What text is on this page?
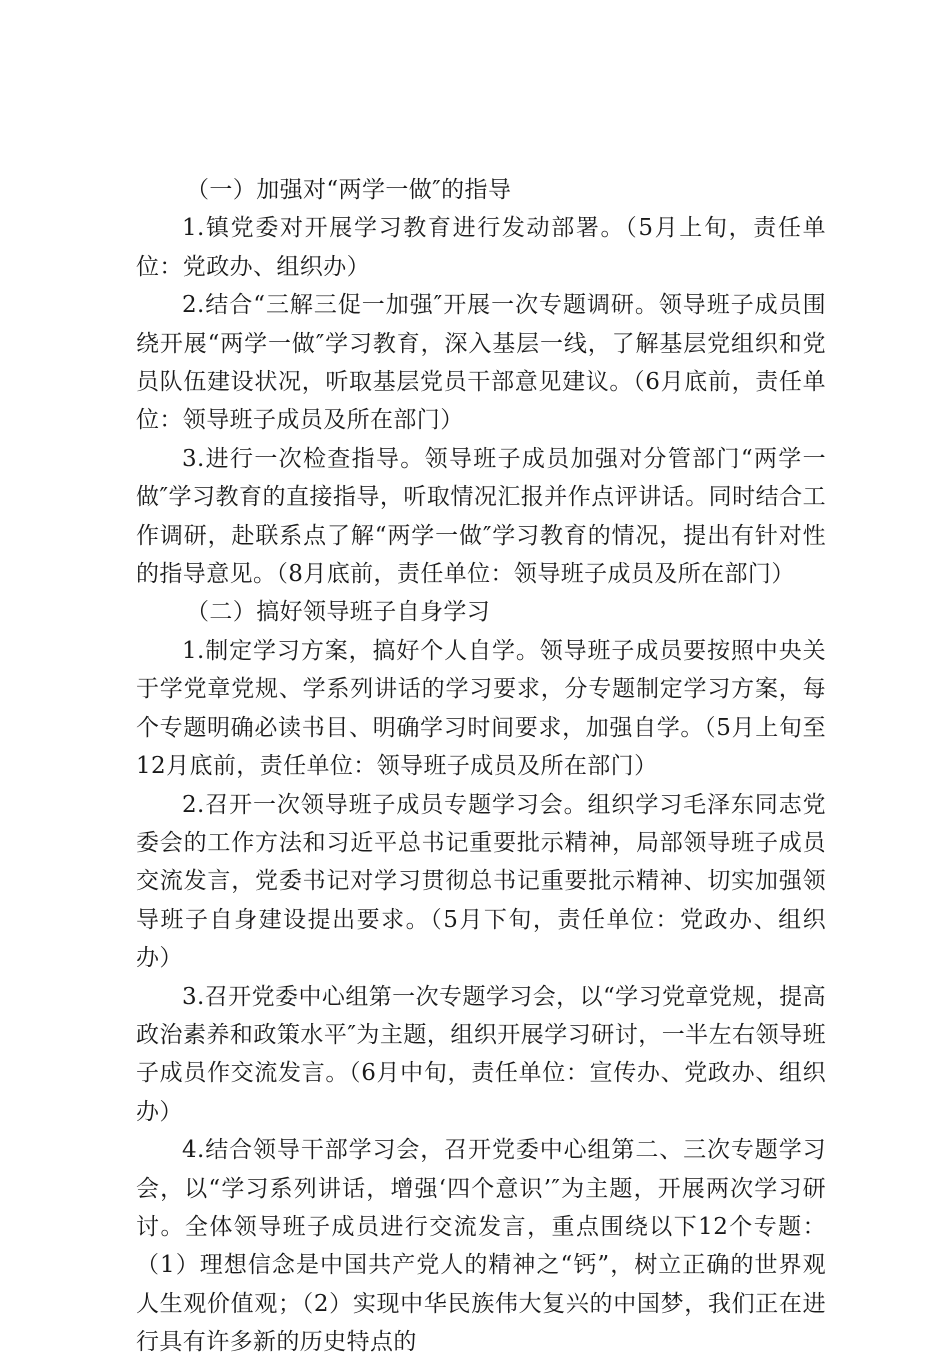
（一）加强对“两学一做″的指导

1.镇党委对开展学习教育进行发动部署。（5月上旬，责任单位：党政办、组织办）

2.结合“三解三促一加强″开展一次专题调研。领导班子成员围绕开展“两学一做″学习教育，深入基层一线，了解基层党组织和党员队伍建设状况，听取基层党员干部意见建议。（6月底前，责任单位：领导班子成员及所在部门）

3.进行一次检查指导。领导班子成员加强对分管部门“两学一做″学习教育的直接指导，听取情况汇报并作点评讲话。同时结合工作调研，赴联系点了解“两学一做″学习教育的情况，提出有针对性的指导意见。（8月底前，责任单位：领导班子成员及所在部门）

（二）搞好领导班子自身学习

1.制定学习方案，搞好个人自学。领导班子成员要按照中央关于学党章党规、学系列讲话的学习要求，分专题制定学习方案，每个专题明确必读书目、明确学习时间要求，加强自学。（5月上旬至12月底前，责任单位：领导班子成员及所在部门）

2.召开一次领导班子成员专题学习会。组织学习毛泽东同志党委会的工作方法和习近平总书记重要批示精神，局部领导班子成员交流发言，党委书记对学习贯彻总书记重要批示精神、切实加强领导班子自身建设提出要求。（5月下旬，责任单位：党政办、组织办）

3.召开党委中心组第一次专题学习会，以“学习党章党规，提高政治素养和政策水平″为主题，组织开展学习研讨，一半左右领导班子成员作交流发言。（6月中旬，责任单位：宣传办、党政办、组织办）

4.结合领导干部学习会，召开党委中心组第二、三次专题学习会，以“学习系列讲话，增强‘四个意识’″为主题，开展两次学习研讨。全体领导班子成员进行交流发言，重点围绕以下12个专题：（1）理想信念是中国共产党人的精神之“钙”，树立正确的世界观人生观价值观；（2）实现中华民族伟大复兴的中国梦，我们正在进行具有许多新的历史特点的
